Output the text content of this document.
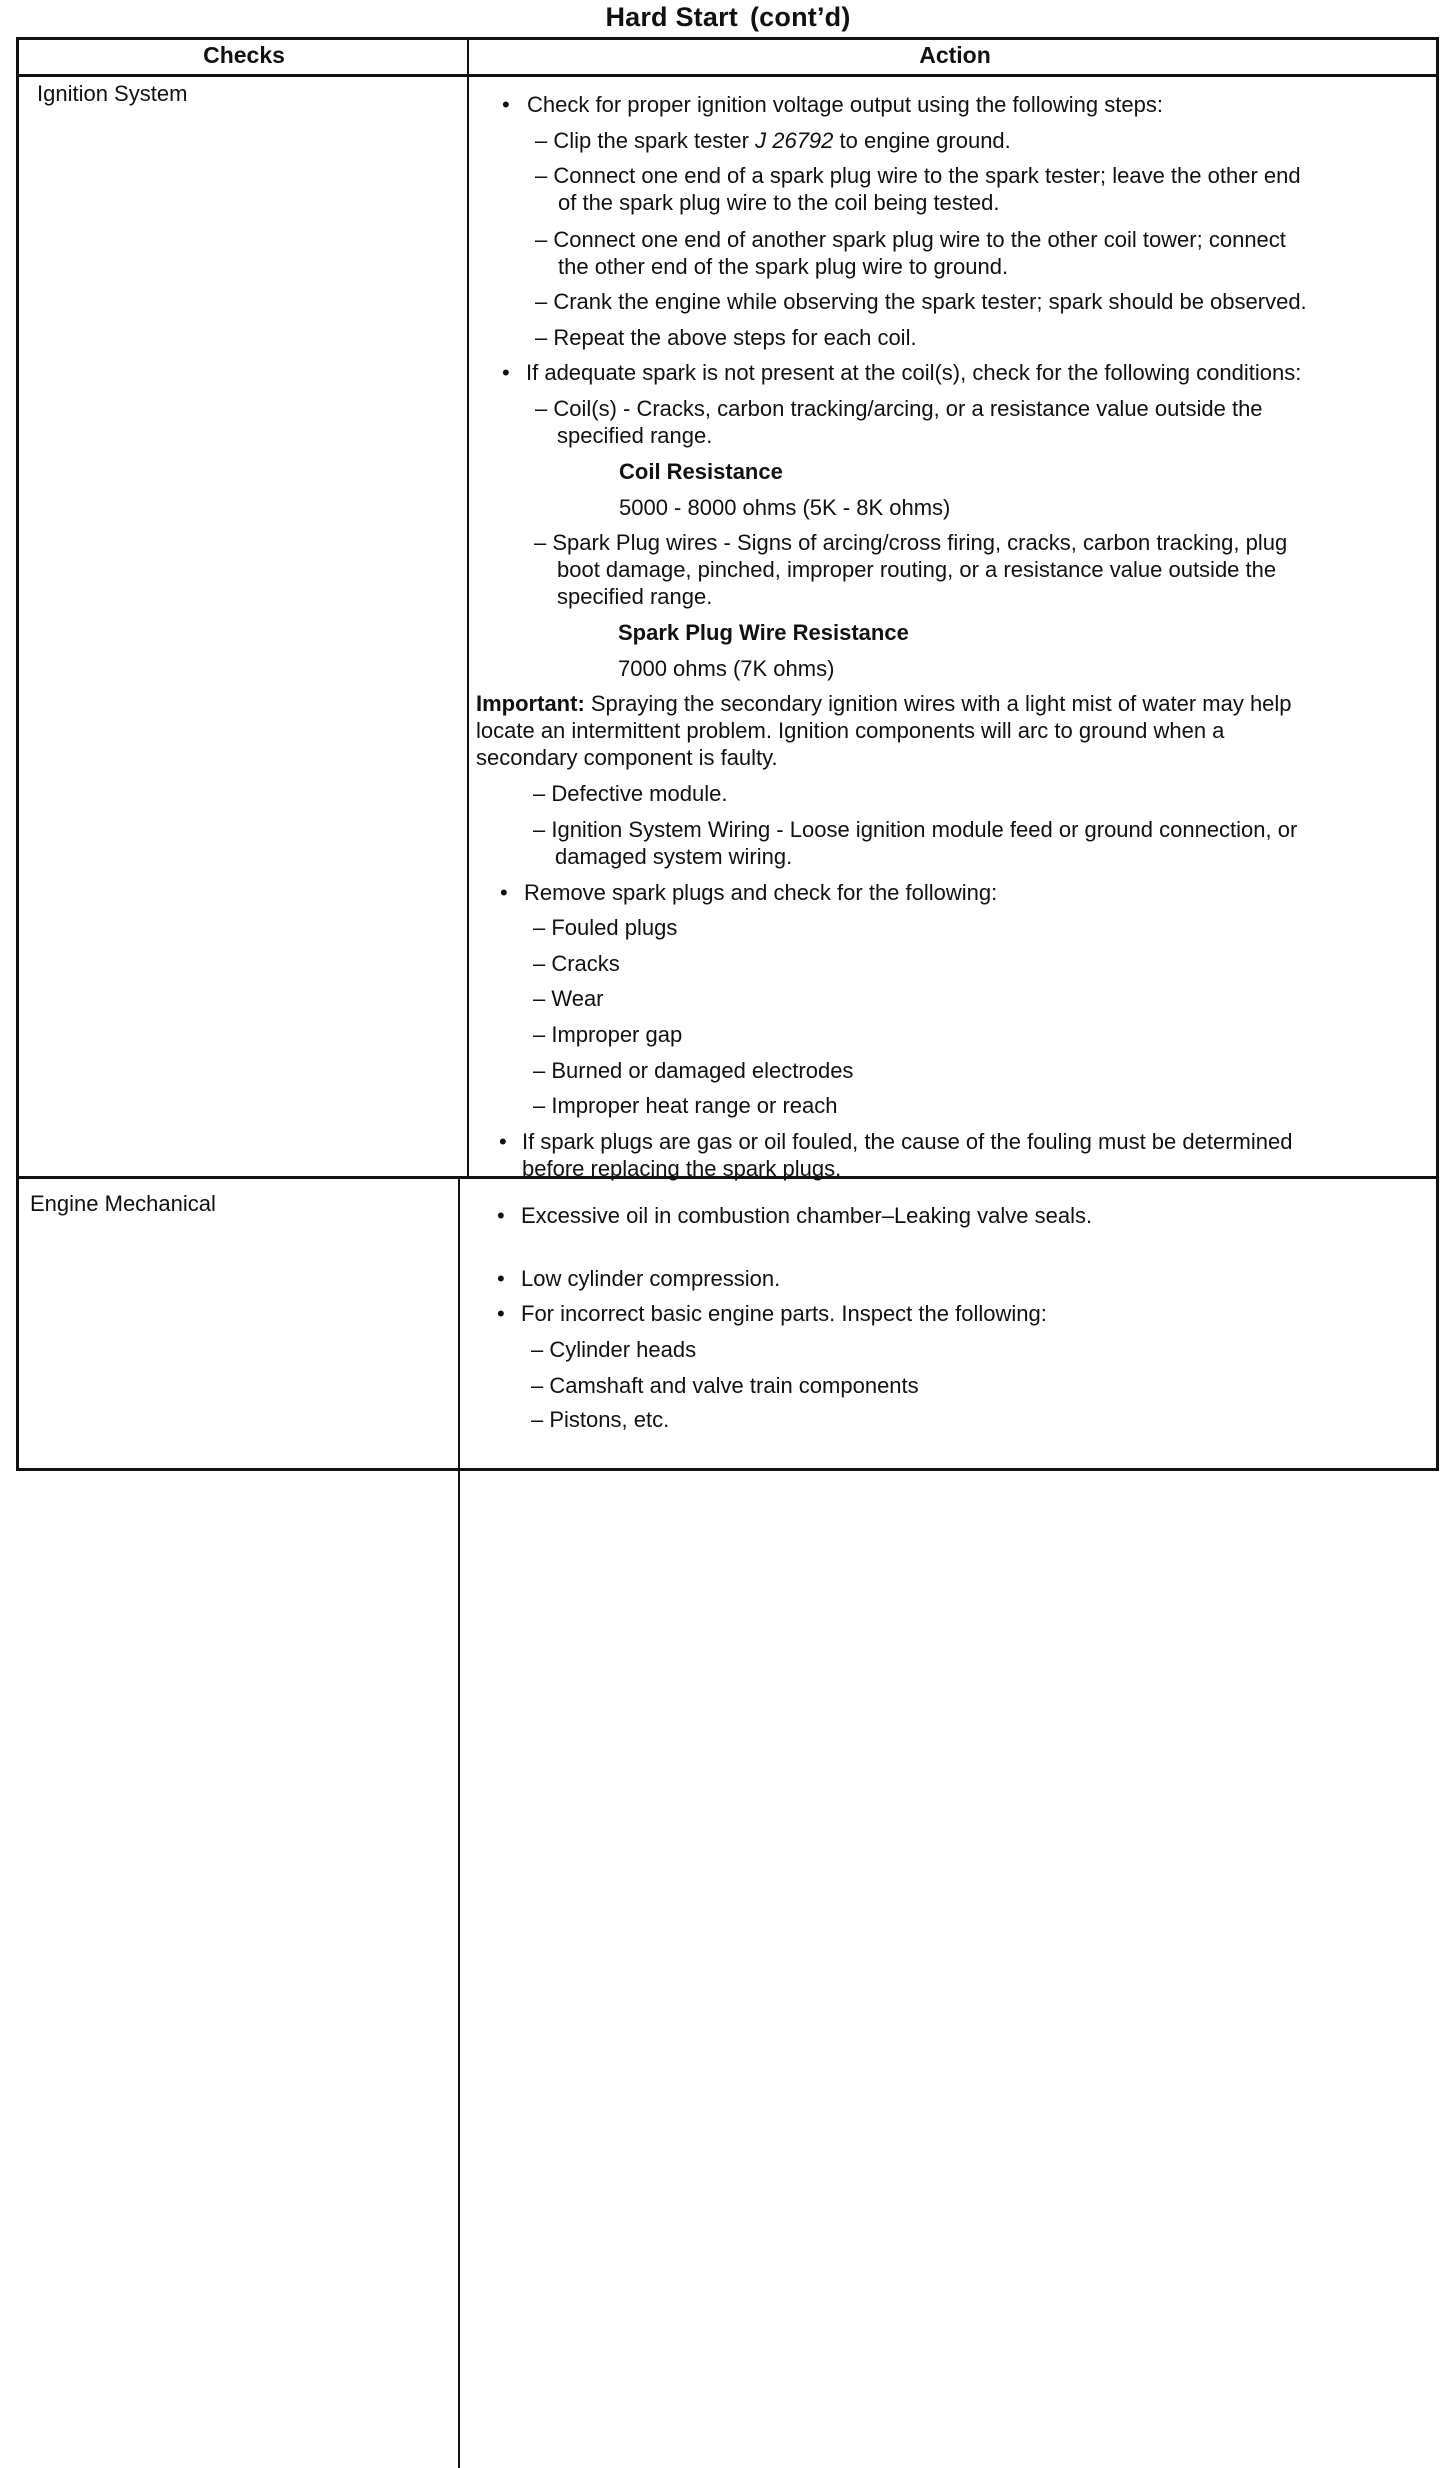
Hard Start (cont’d)
Checks	Action
Ignition System	• Check for proper ignition voltage output using the following steps:
– Clip the spark tester J 26792 to engine ground.
– Connect one end of a spark plug wire to the spark tester; leave the other end
of the spark plug wire to the coil being tested.
– Connect one end of another spark plug wire to the other coil tower; connect
the other end of the spark plug wire to ground.
– Crank the engine while observing the spark tester; spark should be observed.
– Repeat the above steps for each coil.
• If adequate spark is not present at the coil(s), check for the following conditions:
– Coil(s) - Cracks, carbon tracking/arcing, or a resistance value outside the
specified range.
Coil Resistance
5000 - 8000 ohms (5K - 8K ohms)
– Spark Plug wires - Signs of arcing/cross firing, cracks, carbon tracking, plug
boot damage, pinched, improper routing, or a resistance value outside the
specified range.
Spark Plug Wire Resistance
7000 ohms (7K ohms)
Important: Spraying the secondary ignition wires with a light mist of water may help
locate an intermittent problem. Ignition components will arc to ground when a
secondary component is faulty.
– Defective module.
– Ignition System Wiring - Loose ignition module feed or ground connection, or
damaged system wiring.
• Remove spark plugs and check for the following:
– Fouled plugs
– Cracks
– Wear
– Improper gap
– Burned or damaged electrodes
– Improper heat range or reach
• If spark plugs are gas or oil fouled, the cause of the fouling must be determined
before replacing the spark plugs.
Engine Mechanical	• Excessive oil in combustion chamber–Leaking valve seals.
• Low cylinder compression.
• For incorrect basic engine parts. Inspect the following:
– Cylinder heads
– Camshaft and valve train components
– Pistons, etc.
